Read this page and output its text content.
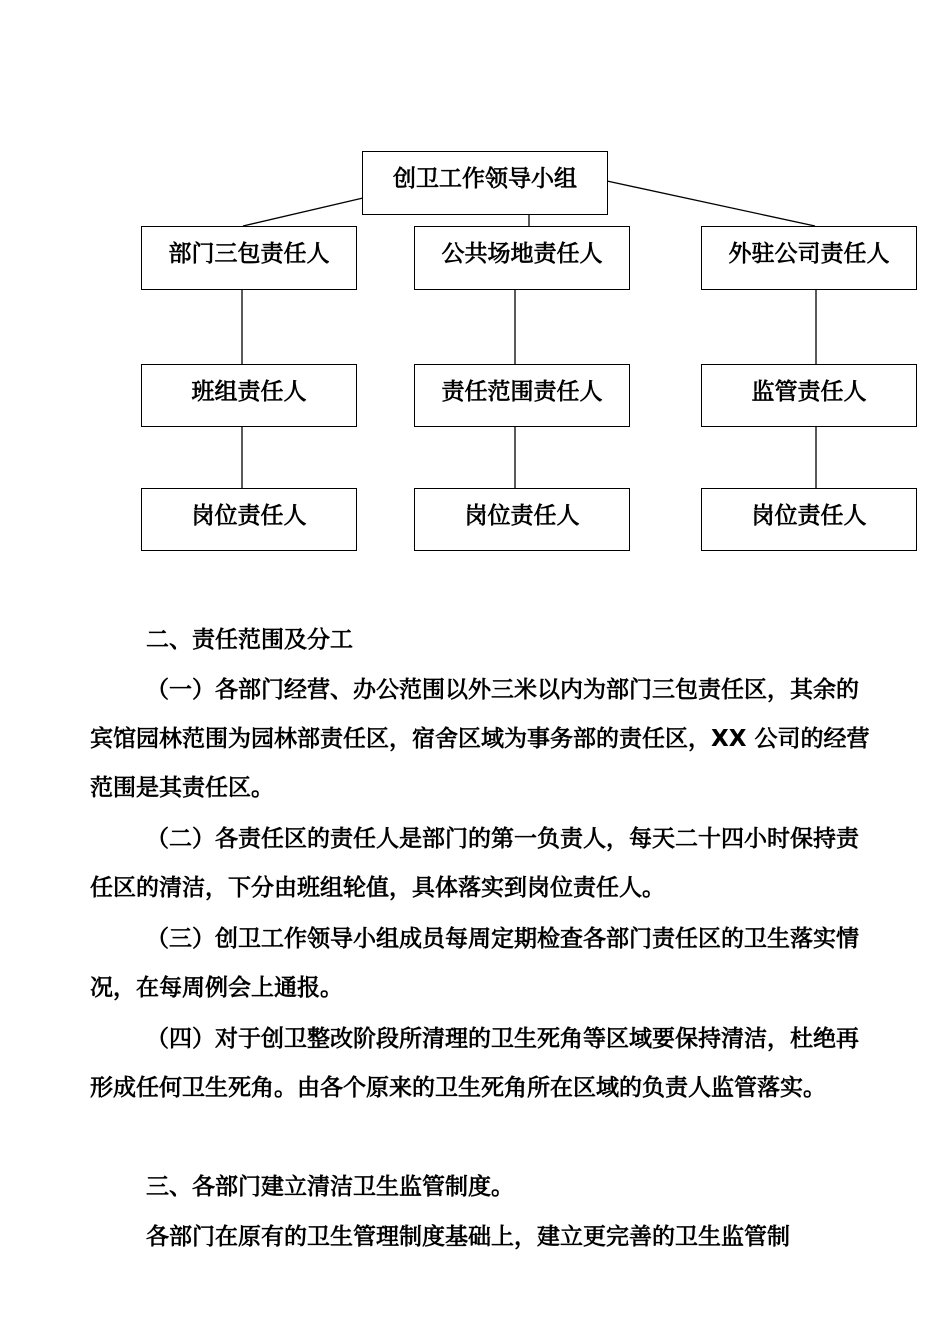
创卫工作领导小组
部门三包责任人	公共场地责任人	外驻公司责任人
班组责任人	责任范围责任人	监管责任人
岗位责任人	岗位责任人	岗位责任人
二、责任范围及分工
（一）各部门经营、办公范围以外三米以内为部门三包责任区，其余的宾馆园林范围为园林部责任区，宿舍区域为事务部的责任区，XX 公司的经营范围是其责任区。
（二）各责任区的责任人是部门的第一负责人，每天二十四小时保持责任区的清洁，下分由班组轮值，具体落实到岗位责任人。
（三）创卫工作领导小组成员每周定期检查各部门责任区的卫生落实情况，在每周例会上通报。
（四）对于创卫整改阶段所清理的卫生死角等区域要保持清洁，杜绝再形成任何卫生死角。由各个原来的卫生死角所在区域的负责人监管落实。
三、各部门建立清洁卫生监管制度。
各部门在原有的卫生管理制度基础上，建立更完善的卫生监管制
